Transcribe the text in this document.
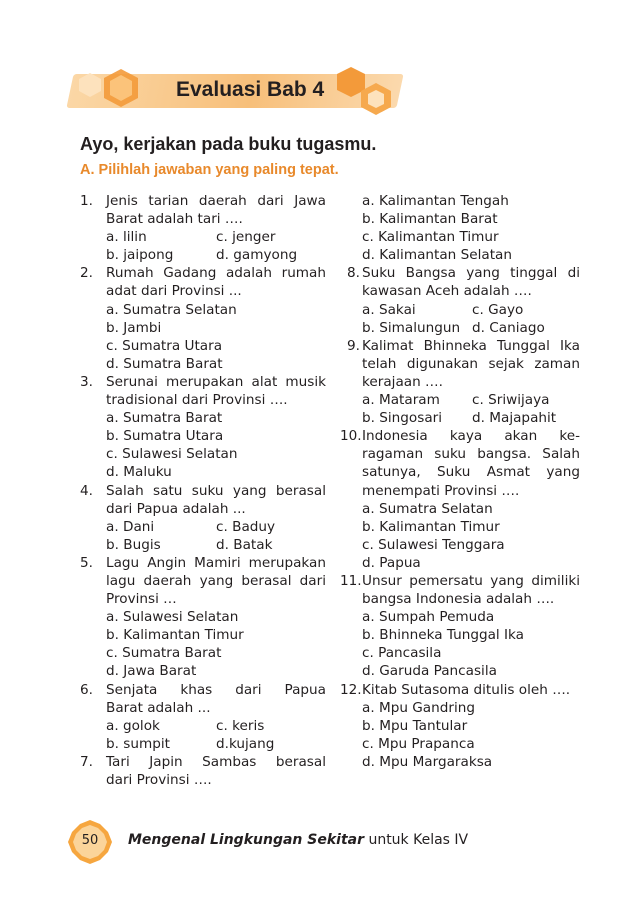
Evaluasi Bab 4
Ayo, kerjakan pada buku tugasmu.
A. Pilihlah jawaban yang paling tepat.
1. Jenis tarian daerah dari Jawa
Barat adalah tari ….
a. lilin	c. jenger
b. jaipong	d. gamyong
2. Rumah Gadang adalah rumah
adat dari Provinsi ...
a. Sumatra Selatan
b. Jambi
c. Sumatra Utara
d. Sumatra Barat
3. Serunai merupakan alat musik
tradisional dari Provinsi ….
a. Sumatra Barat
b. Sumatra Utara
c. Sulawesi Selatan
d. Maluku
4. Salah satu suku yang berasal
dari Papua adalah ...
a. Dani	c. Baduy
b. Bugis	d. Batak
5. Lagu Angin Mamiri merupakan
lagu daerah yang berasal dari
Provinsi …
a. Sulawesi Selatan
b. Kalimantan Timur
c. Sumatra Barat
d. Jawa Barat
6. Senjata khas dari Papua
Barat adalah ...
a. golok	c. keris
b. sumpit	d.kujang
7. Tari Japin Sambas berasal
dari Provinsi ….
a. Kalimantan Tengah
b. Kalimantan Barat
c. Kalimantan Timur
d. Kalimantan Selatan
8. Suku Bangsa yang tinggal di
kawasan Aceh adalah ….
a. Sakai	c. Gayo
b. Simalungun d. Caniago
9. Kalimat Bhinneka Tunggal Ika
telah digunakan sejak zaman
kerajaan ….
a. Mataram	c. Sriwijaya
b. Singosari	d. Majapahit
10. Indonesia kaya akan ke-
ragaman suku bangsa. Salah
satunya, Suku Asmat yang
menempati Provinsi ….
a. Sumatra Selatan
b. Kalimantan Timur
c. Sulawesi Tenggara
d. Papua
11. Unsur pemersatu yang dimiliki
bangsa Indonesia adalah ….
a. Sumpah Pemuda
b. Bhinneka Tunggal Ika
c. Pancasila
d. Garuda Pancasila
12. Kitab Sutasoma ditulis oleh ….
a. Mpu Gandring
b. Mpu Tantular
c. Mpu Prapanca
d. Mpu Margaraksa
50	Mengenal Lingkungan Sekitar untuk Kelas IV
